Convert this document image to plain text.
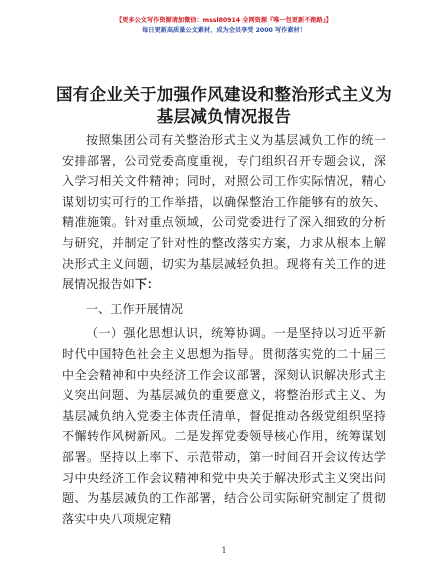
【更多公文写作资源请加微信：mssl80914 全网资源『唯一包更新不跑路』】
每日更新高质量公文素材，成为会员享受 2000 写作素材！
国有企业关于加强作风建设和整治形式主义为
基层减负情况报告

按照集团公司有关整治形式主义为基层减负工作的统一安排部署，公司党委高度重视，专门组织召开专题会议，深入学习相关文件精神；同时，对照公司工作实际情况，精心谋划切实可行的工作举措，以确保整治工作能够有的放矢、精准施策。针对重点领域，公司党委进行了深入细致的分析与研究，并制定了针对性的整改落实方案，力求从根本上解决形式主义问题，切实为基层减轻负担。现将有关工作的进展情况报告如下：

一、工作开展情况

（一）强化思想认识，统筹协调。一是坚持以习近平新时代中国特色社会主义思想为指导。贯彻落实党的二十届三中全会精神和中央经济工作会议部署，深刻认识解决形式主义突出问题、为基层减负的重要意义，将整治形式主义、为基层减负纳入党委主体责任清单，督促推动各级党组织坚持不懈转作风树新风。二是发挥党委领导核心作用，统筹谋划部署。坚持以上率下、示范带动，第一时间召开会议传达学习中央经济工作会议精神和党中央关于解决形式主义突出问题、为基层减负的工作部署，结合公司实际研究制定了贯彻落实中央八项规定精

1
